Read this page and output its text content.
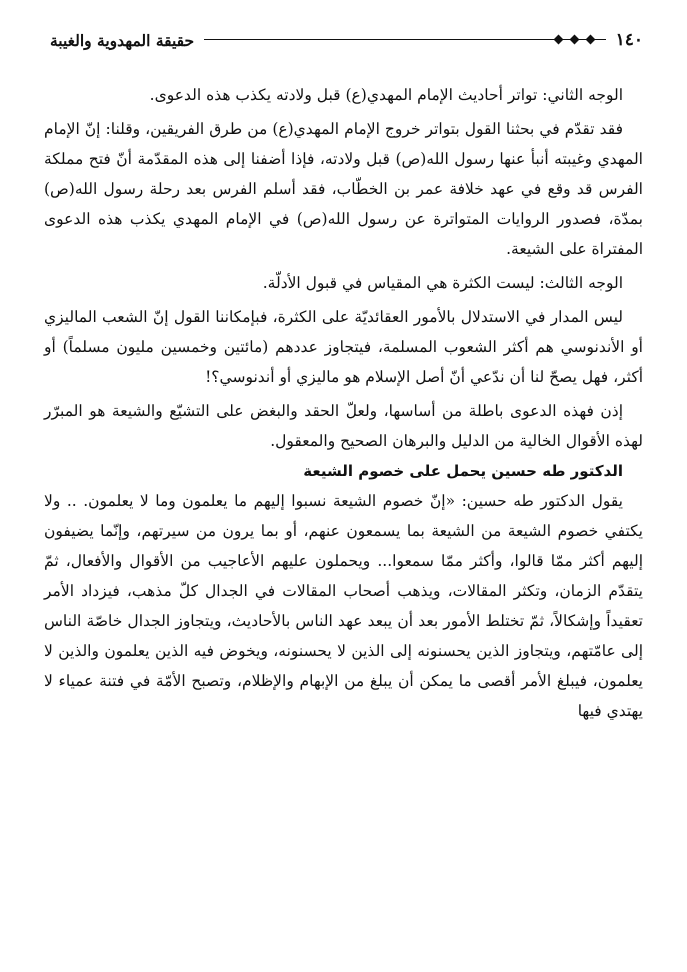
١٤٠
حقيقة المهدوية والغيبة

الوجه الثاني: تواتر أحاديث الإمام المهدي(ع) قبل ولادته يكذب هذه الدعوى.

فقد تقدّم في بحثنا القول بتواتر خروج الإمام المهدي(ع) من طرق الفريقين، وقلنا: إنّ الإمام المهدي وغيبته أنبأ عنها رسول الله(ص) قبل ولادته، فإذا أضفنا إلى هذه المقدّمة أنّ فتح مملكة الفرس قد وقع في عهد خلافة عمر بن الخطّاب، فقد أسلم الفرس بعد رحلة رسول الله(ص) بمدّة، فصدور الروايات المتواترة عن رسول الله(ص) في الإمام المهدي يكذب هذه الدعوى المفتراة على الشيعة.

الوجه الثالث: ليست الكثرة هي المقياس في قبول الأدلّة.

ليس المدار في الاستدلال بالأمور العقائديّة على الكثرة، فبإمكاننا القول إنّ الشعب الماليزي أو الأندنوسي هم أكثر الشعوب المسلمة، فيتجاوز عددهم (مائتين وخمسين مليون مسلماً) أو أكثر، فهل يصحّ لنا أن ندّعي أنّ أصل الإسلام هو ماليزي أو أندنوسي؟!

إذن فهذه الدعوى باطلة من أساسها، ولعلّ الحقد والبغض على التشيّع والشيعة هو المبرّر لهذه الأقوال الخالية من الدليل والبرهان الصحيح والمعقول.

الدكتور طه حسين يحمل على خصوم الشيعة

يقول الدكتور طه حسين: «إنّ خصوم الشيعة نسبوا إليهم ما يعلمون وما لا يعلمون. .. ولا يكتفي خصوم الشيعة من الشيعة بما يسمعون عنهم، أو بما يرون من سيرتهم، وإنّما يضيفون إليهم أكثر ممّا قالوا، وأكثر ممّا سمعوا... ويحملون عليهم الأعاجيب من الأقوال والأفعال، ثمّ يتقدّم الزمان، وتكثر المقالات، ويذهب أصحاب المقالات في الجدال كلّ مذهب، فيزداد الأمر تعقيداً وإشكالاً، ثمّ تختلط الأمور بعد أن يبعد عهد الناس بالأحاديث، ويتجاوز الجدال خاصّة الناس إلى عامّتهم، ويتجاوز الذين يحسنونه إلى الذين لا يحسنونه، ويخوض فيه الذين يعلمون والذين لا يعلمون، فيبلغ الأمر أقصى ما يمكن أن يبلغ من الإبهام والإظلام، وتصبح الأمّة في فتنة عمياء لا يهتدي فيها
